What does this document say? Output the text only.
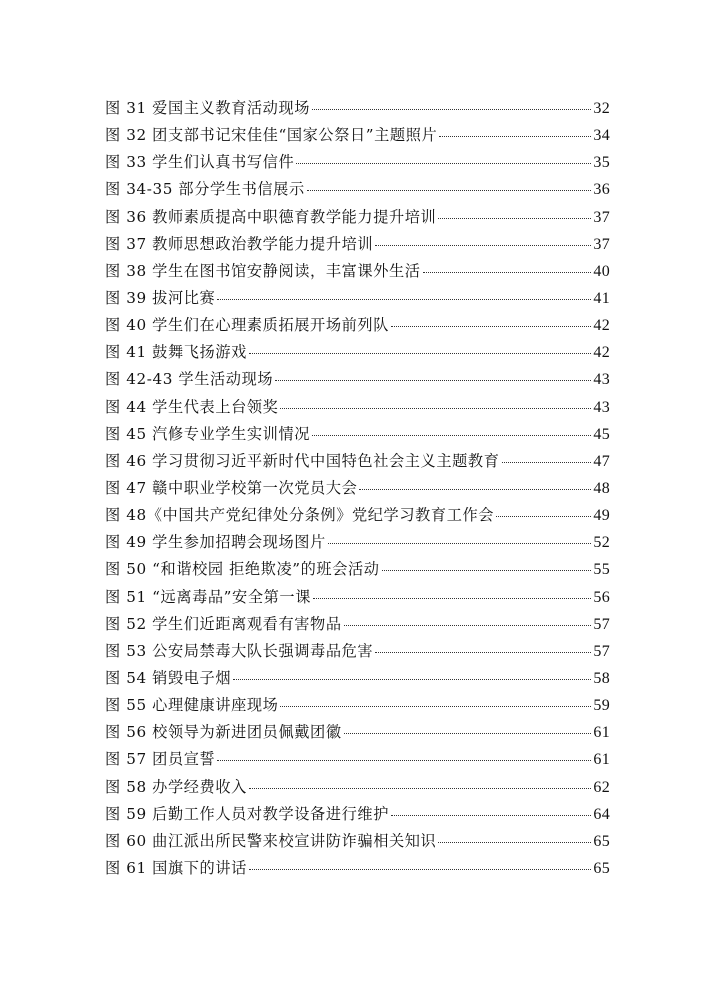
图 31 爱国主义教育活动现场	32
图 32 团支部书记宋佳佳“国家公祭日”主题照片	34
图 33 学生们认真书写信件	35
图 34-35 部分学生书信展示	36
图 36 教师素质提高中职德育教学能力提升培训	37
图 37 教师思想政治教学能力提升培训	37
图 38 学生在图书馆安静阅读，丰富课外生活	40
图 39 拔河比赛	41
图 40 学生们在心理素质拓展开场前列队	42
图 41 鼓舞飞扬游戏	42
图 42-43 学生活动现场	43
图 44 学生代表上台领奖	43
图 45 汽修专业学生实训情况	45
图 46 学习贯彻习近平新时代中国特色社会主义主题教育	47
图 47 赣中职业学校第一次党员大会	48
图 48《中国共产党纪律处分条例》党纪学习教育工作会	49
图 49 学生参加招聘会现场图片	52
图 50 “和谐校园 拒绝欺凌”的班会活动	55
图 51 “远离毒品”安全第一课	56
图 52 学生们近距离观看有害物品	57
图 53 公安局禁毒大队长强调毒品危害	57
图 54 销毁电子烟	58
图 55 心理健康讲座现场	59
图 56 校领导为新进团员佩戴团徽	61
图 57 团员宣誓	61
图 58 办学经费收入	62
图 59 后勤工作人员对教学设备进行维护	64
图 60 曲江派出所民警来校宣讲防诈骗相关知识	65
图 61 国旗下的讲话	65
